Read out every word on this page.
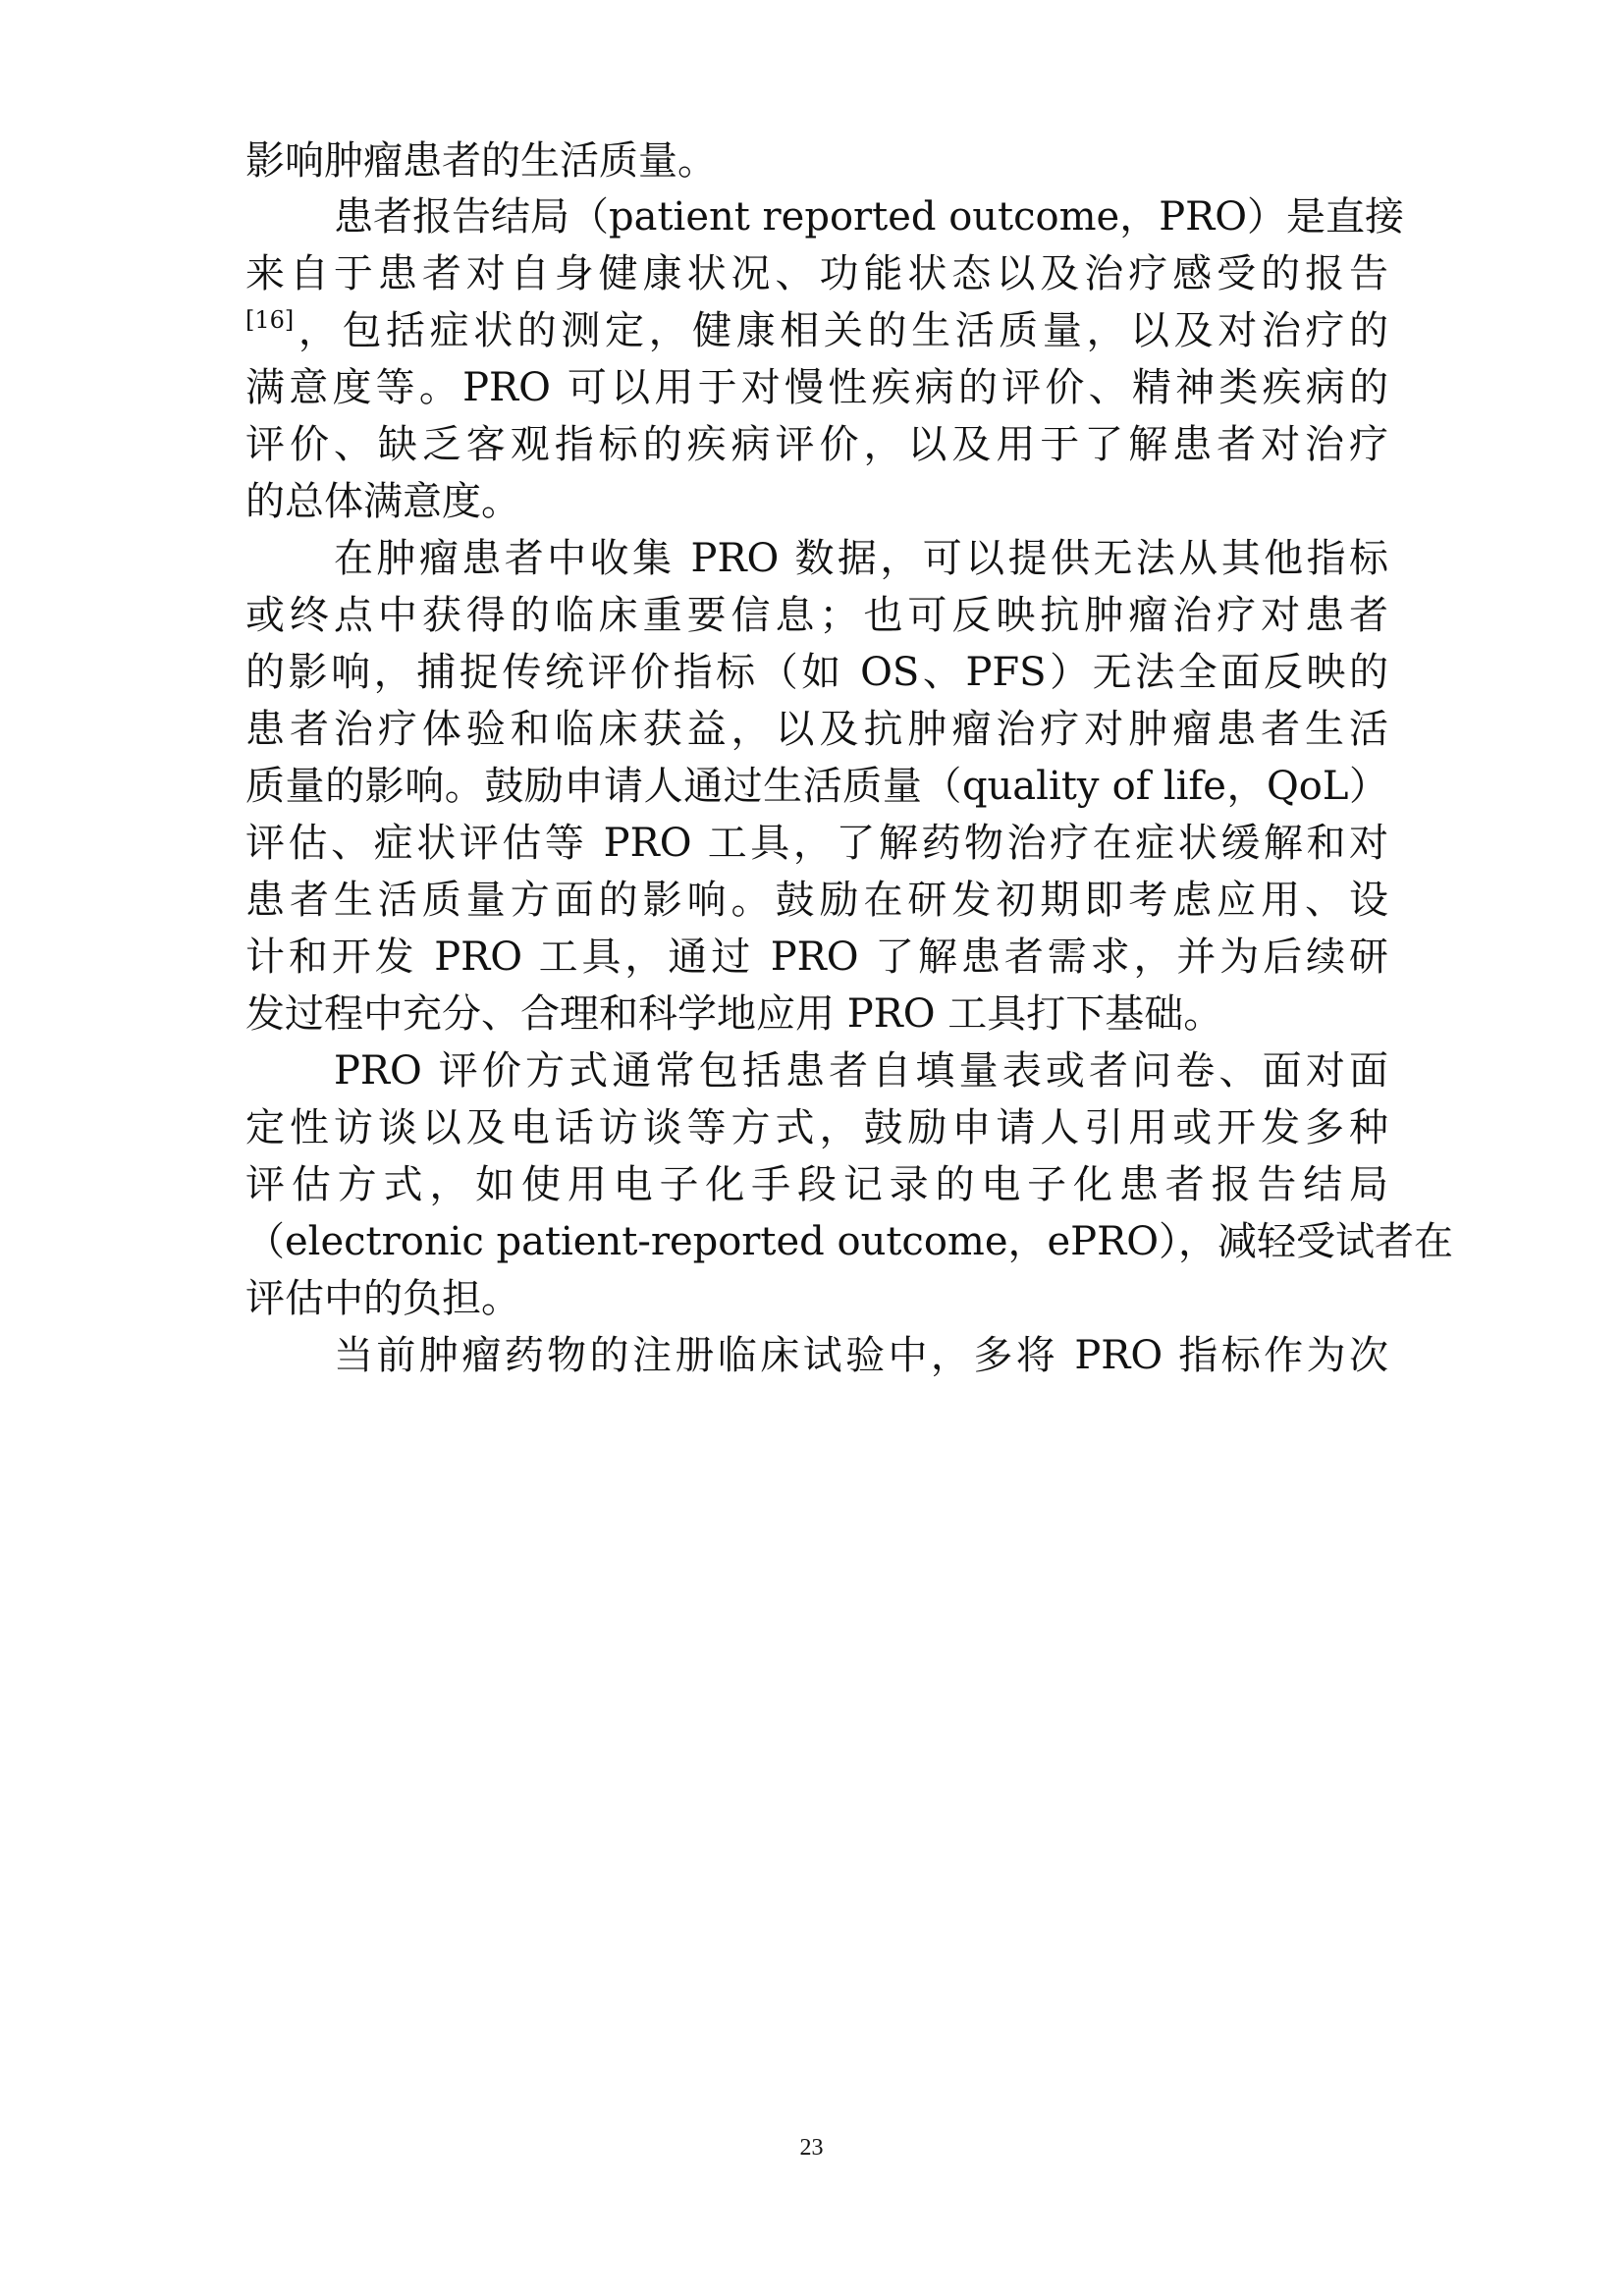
影响肿瘤患者的生活质量。
患者报告结局（patient reported outcome，PRO）是直接
来自于患者对自身健康状况、功能状态以及治疗感受的报告
[16]，包括症状的测定，健康相关的生活质量，以及对治疗的
满意度等。PRO 可以用于对慢性疾病的评价、精神类疾病的
评价、缺乏客观指标的疾病评价，以及用于了解患者对治疗
的总体满意度。
在肿瘤患者中收集 PRO 数据，可以提供无法从其他指标
或终点中获得的临床重要信息；也可反映抗肿瘤治疗对患者
的影响，捕捉传统评价指标（如 OS、PFS）无法全面反映的
患者治疗体验和临床获益，以及抗肿瘤治疗对肿瘤患者生活
质量的影响。鼓励申请人通过生活质量（quality of life，QoL）
评估、症状评估等 PRO 工具，了解药物治疗在症状缓解和对
患者生活质量方面的影响。鼓励在研发初期即考虑应用、设
计和开发 PRO 工具，通过 PRO 了解患者需求，并为后续研
发过程中充分、合理和科学地应用 PRO 工具打下基础。
PRO 评价方式通常包括患者自填量表或者问卷、面对面
定性访谈以及电话访谈等方式，鼓励申请人引用或开发多种
评估方式，如使用电子化手段记录的电子化患者报告结局
（electronic patient-reported outcome，ePRO），减轻受试者在
评估中的负担。
当前肿瘤药物的注册临床试验中，多将 PRO 指标作为次
23
